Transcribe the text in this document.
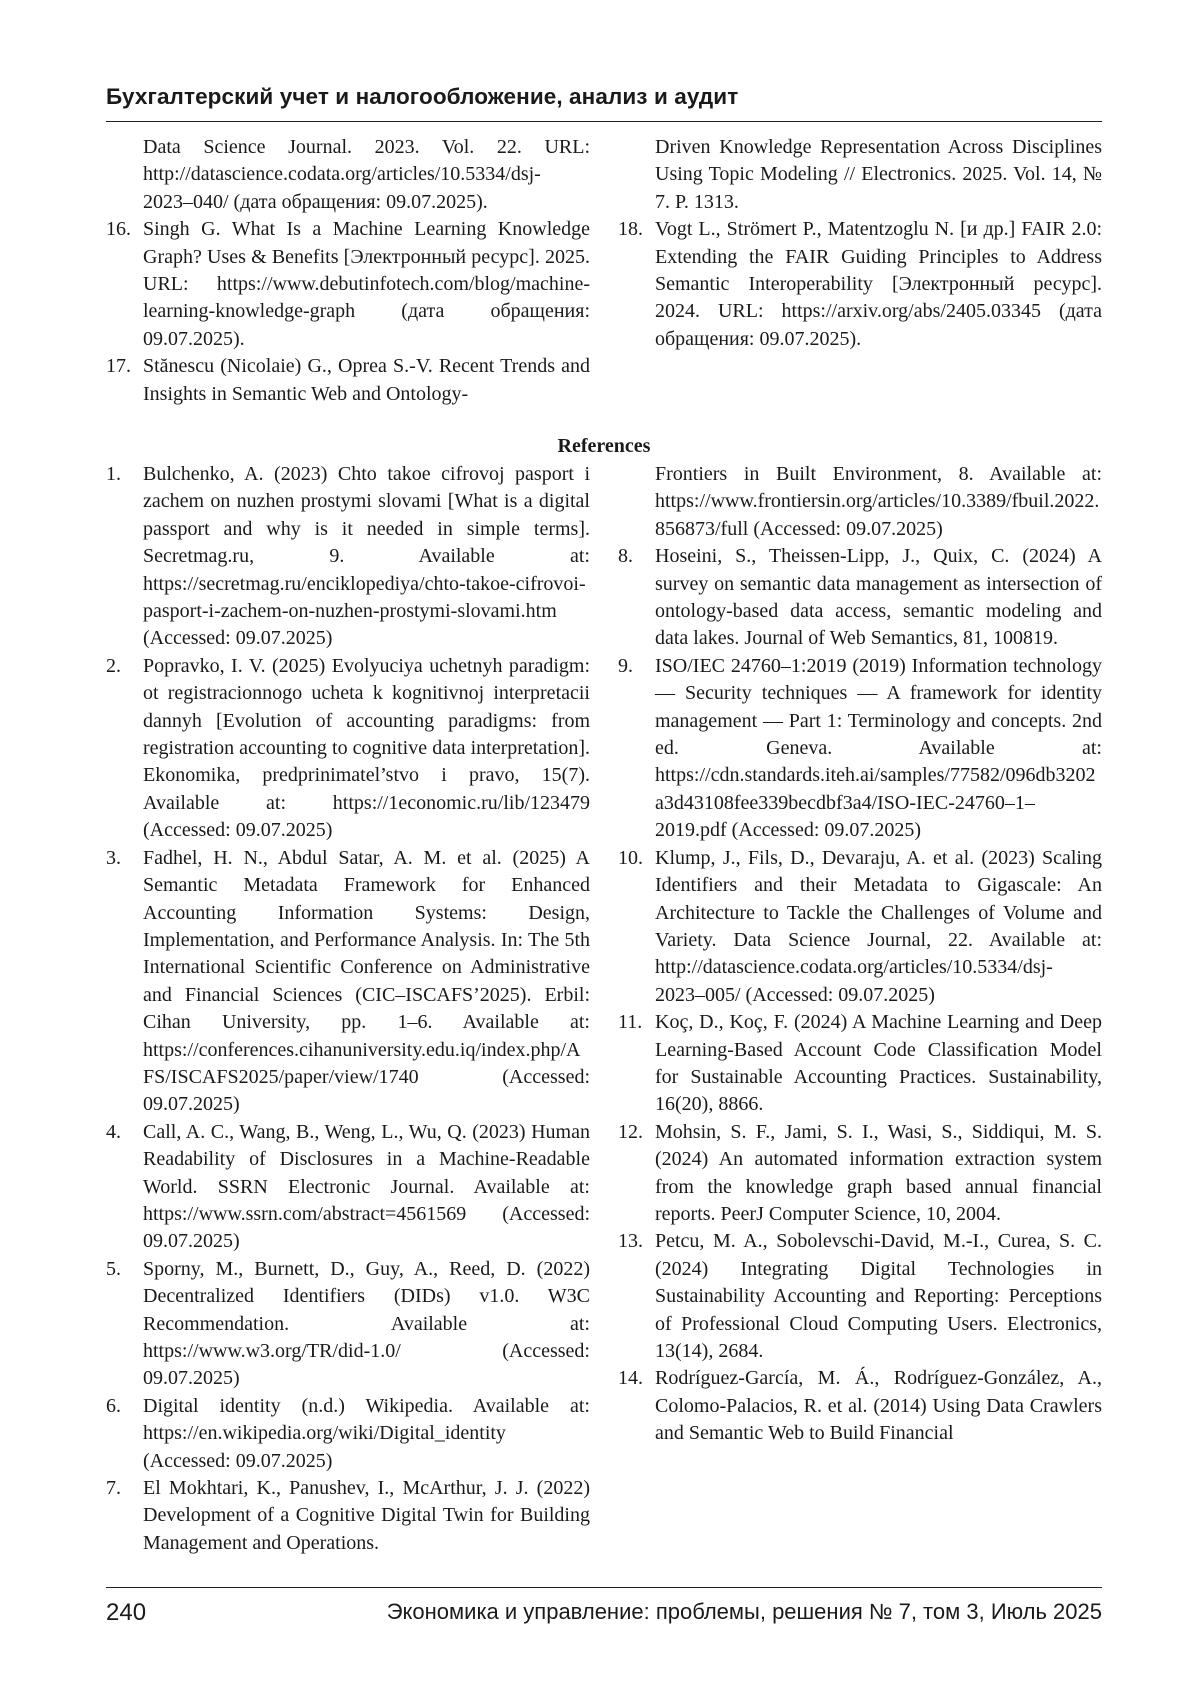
Бухгалтерский учет и налогообложение, анализ и аудит
Data Science Journal. 2023. Vol. 22. URL: http://datascience.codata.org/articles/10.5334/dsj-2023–040/ (дата обращения: 09.07.2025).
16. Singh G. What Is a Machine Learning Knowledge Graph? Uses & Benefits [Электронный ресурс]. 2025. URL: https://www.debutinfotech.com/blog/machine-learning-knowledge-graph (дата обращения: 09.07.2025).
17. Stănescu (Nicolaie) G., Oprea S.-V. Recent Trends and Insights in Semantic Web and Ontology-
Driven Knowledge Representation Across Disciplines Using Topic Modeling // Electronics. 2025. Vol. 14, № 7. P. 1313.
18. Vogt L., Strömert P., Matentzoglu N. [и др.] FAIR 2.0: Extending the FAIR Guiding Principles to Address Semantic Interoperability [Электронный ресурс]. 2024. URL: https://arxiv.org/abs/2405.03345 (дата обращения: 09.07.2025).
References
1. Bulchenko, A. (2023) Chto takoe cifrovoj pasport i zachem on nuzhen prostymi slovami [What is a digital passport and why is it needed in simple terms]. Secretmag.ru, 9. Available at: https://secretmag.ru/enciklopediya/chto-takoe-cifrovoi-pasport-i-zachem-on-nuzhen-prostymi-slovami.htm (Accessed: 09.07.2025)
2. Popravko, I. V. (2025) Evolyuciya uchetnyh paradigm: ot registracionnogo ucheta k kognitivnoj interpretacii dannyh [Evolution of accounting paradigms: from registration accounting to cognitive data interpretation]. Ekonomika, predprinimatel’stvo i pravo, 15(7). Available at: https://1economic.ru/lib/123479 (Accessed: 09.07.2025)
3. Fadhel, H. N., Abdul Satar, A. M. et al. (2025) A Semantic Metadata Framework for Enhanced Accounting Information Systems: Design, Implementation, and Performance Analysis. In: The 5th International Scientific Conference on Administrative and Financial Sciences (CIC–ISCAFS’2025). Erbil: Cihan University, pp. 1–6. Available at: https://conferences.cihanuniversity.edu.iq/index.php/AFS/ISCAFS2025/paper/view/1740 (Accessed: 09.07.2025)
4. Call, A. C., Wang, B., Weng, L., Wu, Q. (2023) Human Readability of Disclosures in a Machine-Readable World. SSRN Electronic Journal. Available at: https://www.ssrn.com/abstract=4561569 (Accessed: 09.07.2025)
5. Sporny, M., Burnett, D., Guy, A., Reed, D. (2022) Decentralized Identifiers (DIDs) v1.0. W3C Recommendation. Available at: https://www.w3.org/TR/did-1.0/ (Accessed: 09.07.2025)
6. Digital identity (n.d.) Wikipedia. Available at: https://en.wikipedia.org/wiki/Digital_identity (Accessed: 09.07.2025)
7. El Mokhtari, K., Panushev, I., McArthur, J. J. (2022) Development of a Cognitive Digital Twin for Building Management and Operations.
Frontiers in Built Environment, 8. Available at: https://www.frontiersin.org/articles/10.3389/fbuil.2022.856873/full (Accessed: 09.07.2025)
8. Hoseini, S., Theissen-Lipp, J., Quix, C. (2024) A survey on semantic data management as intersection of ontology-based data access, semantic modeling and data lakes. Journal of Web Semantics, 81, 100819.
9. ISO/IEC 24760–1:2019 (2019) Information technology — Security techniques — A framework for identity management — Part 1: Terminology and concepts. 2nd ed. Geneva. Available at: https://cdn.standards.iteh.ai/samples/77582/096db3202a3d43108fee339becdbf3a4/ISO-IEC-24760–1–2019.pdf (Accessed: 09.07.2025)
10. Klump, J., Fils, D., Devaraju, A. et al. (2023) Scaling Identifiers and their Metadata to Gigascale: An Architecture to Tackle the Challenges of Volume and Variety. Data Science Journal, 22. Available at: http://datascience.codata.org/articles/10.5334/dsj-2023–005/ (Accessed: 09.07.2025)
11. Koç, D., Koç, F. (2024) A Machine Learning and Deep Learning-Based Account Code Classification Model for Sustainable Accounting Practices. Sustainability, 16(20), 8866.
12. Mohsin, S. F., Jami, S. I., Wasi, S., Siddiqui, M. S. (2024) An automated information extraction system from the knowledge graph based annual financial reports. PeerJ Computer Science, 10, 2004.
13. Petcu, M. A., Sobolevschi-David, M.-I., Curea, S. C. (2024) Integrating Digital Technologies in Sustainability Accounting and Reporting: Perceptions of Professional Cloud Computing Users. Electronics, 13(14), 2684.
14. Rodríguez-García, M. Á., Rodríguez-González, A., Colomo-Palacios, R. et al. (2014) Using Data Crawlers and Semantic Web to Build Financial
240	Экономика и управление: проблемы, решения № 7, том 3, Июль 2025
